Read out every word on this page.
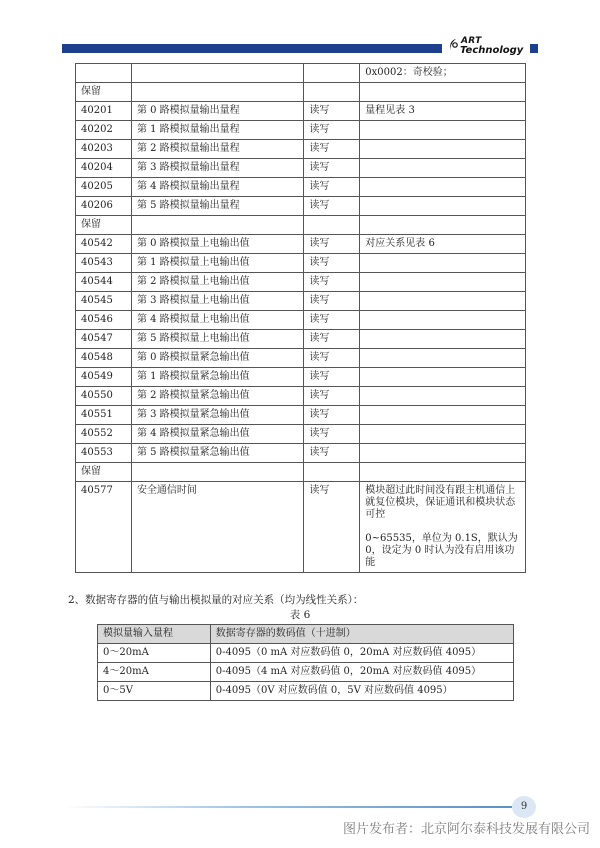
ART
Technology
			0x0002：奇校验；
保留			
40201	第 0 路模拟量输出量程	读写	量程见表 3
40202	第 1 路模拟量输出量程	读写	
40203	第 2 路模拟量输出量程	读写	
40204	第 3 路模拟量输出量程	读写	
40205	第 4 路模拟量输出量程	读写	
40206	第 5 路模拟量输出量程	读写	
保留			
40542	第 0 路模拟量上电输出值	读写	对应关系见表 6
40543	第 1 路模拟量上电输出值	读写	
40544	第 2 路模拟量上电输出值	读写	
40545	第 3 路模拟量上电输出值	读写	
40546	第 4 路模拟量上电输出值	读写	
40547	第 5 路模拟量上电输出值	读写	
40548	第 0 路模拟量紧急输出值	读写	
40549	第 1 路模拟量紧急输出值	读写	
40550	第 2 路模拟量紧急输出值	读写	
40551	第 3 路模拟量紧急输出值	读写	
40552	第 4 路模拟量紧急输出值	读写	
40553	第 5 路模拟量紧急输出值	读写	
保留			
40577	安全通信时间	读写	模块超过此时间没有跟主机通信上就复位模块，保证通讯和模块状态可控

0~65535，单位为 0.1S，默认为 0，设定为 0 时认为没有启用该功能

2、数据寄存器的值与输出模拟量的对应关系（均为线性关系）：
表 6
模拟量输入量程	数据寄存器的数码值（十进制）
0～20mA	0-4095（0 mA 对应数码值 0，20mA 对应数码值 4095）
4～20mA	0-4095（4 mA 对应数码值 0，20mA 对应数码值 4095）
0～5V	0-4095（0V 对应数码值 0，5V 对应数码值 4095）
9
图片发布者：北京阿尔泰科技发展有限公司
